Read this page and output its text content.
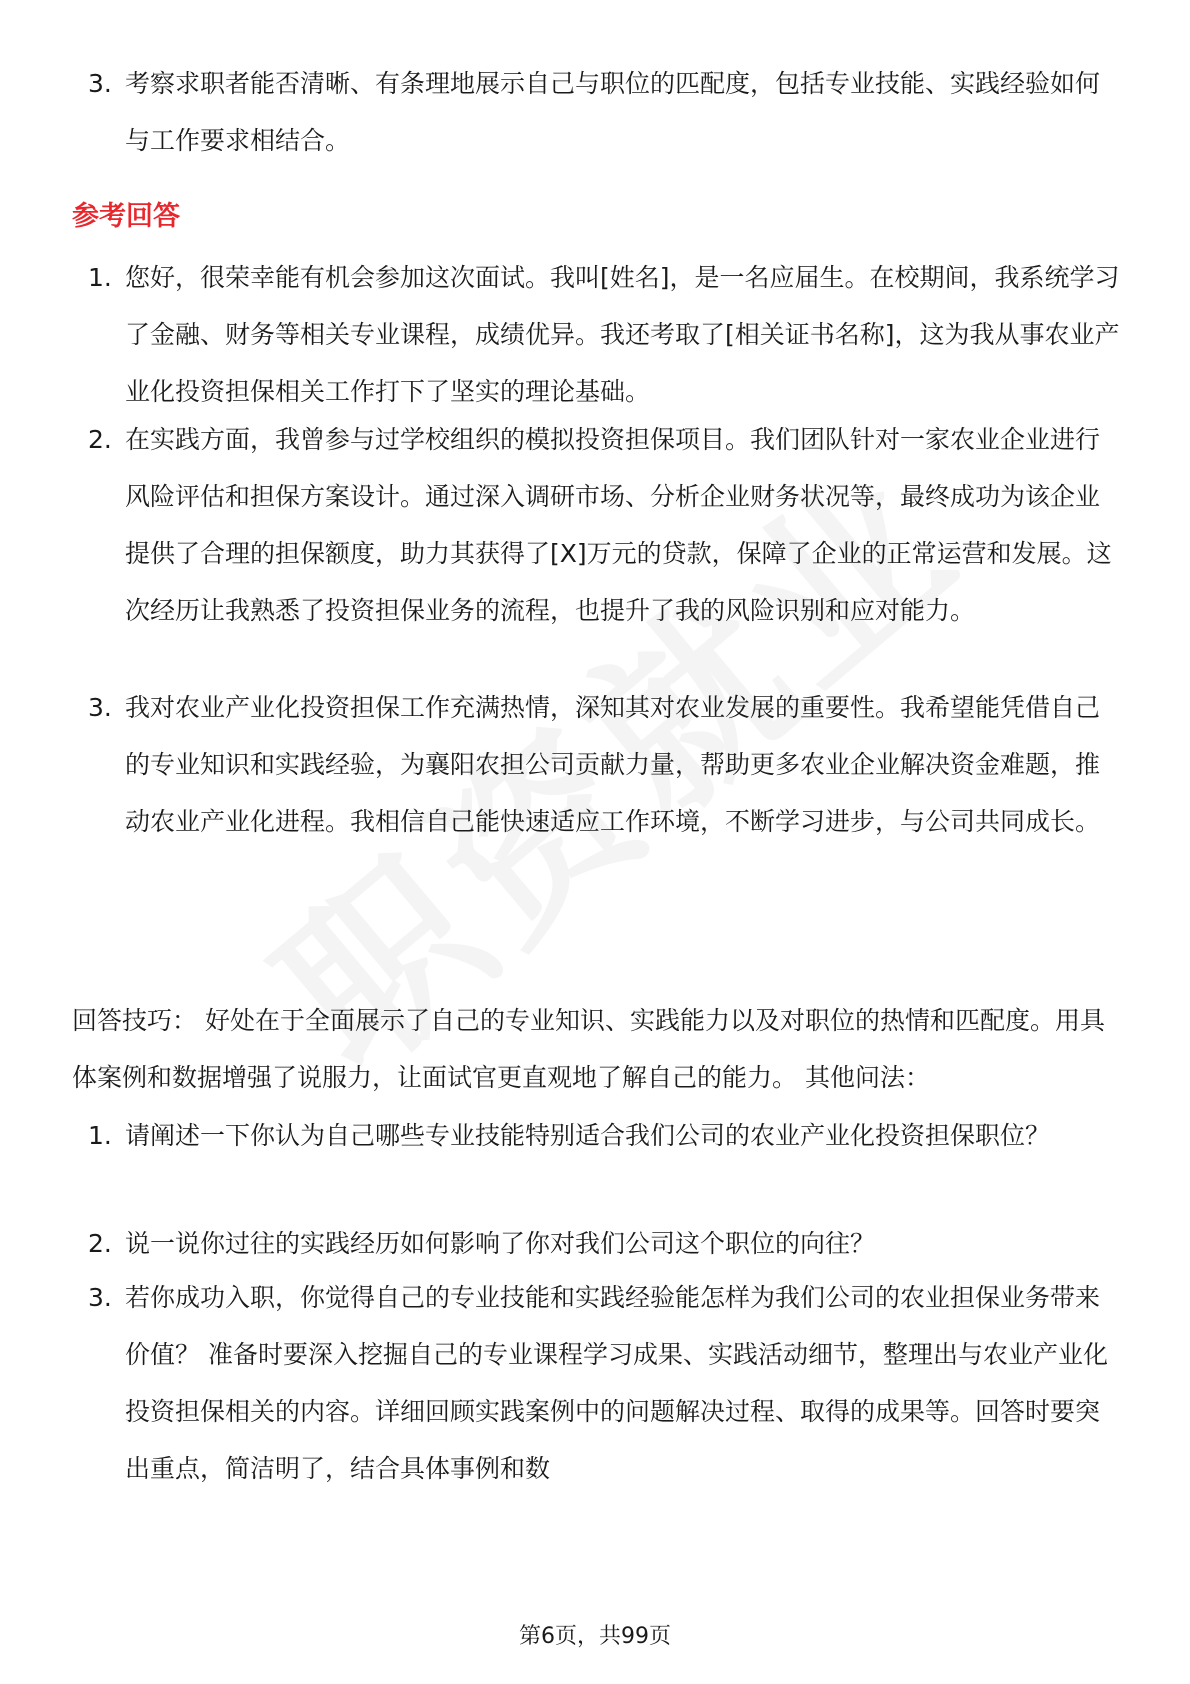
3. 考察求职者能否清晰、有条理地展示自己与职位的匹配度，包括专业技能、实践经验如何与工作要求相结合。
参考回答
1. 您好，很荣幸能有机会参加这次面试。我叫[姓名]，是一名应届生。在校期间，我系统学习了金融、财务等相关专业课程，成绩优异。我还考取了[相关证书名称]，这为我从事农业产业化投资担保相关工作打下了坚实的理论基础。
2. 在实践方面，我曾参与过学校组织的模拟投资担保项目。我们团队针对一家农业企业进行风险评估和担保方案设计。通过深入调研市场、分析企业财务状况等，最终成功为该企业提供了合理的担保额度，助力其获得了[X]万元的贷款，保障了企业的正常运营和发展。这次经历让我熟悉了投资担保业务的流程，也提升了我的风险识别和应对能力。
3. 我对农业产业化投资担保工作充满热情，深知其对农业发展的重要性。我希望能凭借自己的专业知识和实践经验，为襄阳农担公司贡献力量，帮助更多农业企业解决资金难题，推动农业产业化进程。我相信自己能快速适应工作环境，不断学习进步，与公司共同成长。
回答技巧： 好处在于全面展示了自己的专业知识、实践能力以及对职位的热情和匹配度。用具体案例和数据增强了说服力，让面试官更直观地了解自己的能力。 其他问法：
1. 请阐述一下你认为自己哪些专业技能特别适合我们公司的农业产业化投资担保职位？
2. 说一说你过往的实践经历如何影响了你对我们公司这个职位的向往？
3. 若你成功入职，你觉得自己的专业技能和实践经验能怎样为我们公司的农业担保业务带来价值？ 准备时要深入挖掘自己的专业课程学习成果、实践活动细节，整理出与农业产业化投资担保相关的内容。详细回顾实践案例中的问题解决过程、取得的成果等。回答时要突出重点，简洁明了，结合具体事例和数
第6页，共99页
